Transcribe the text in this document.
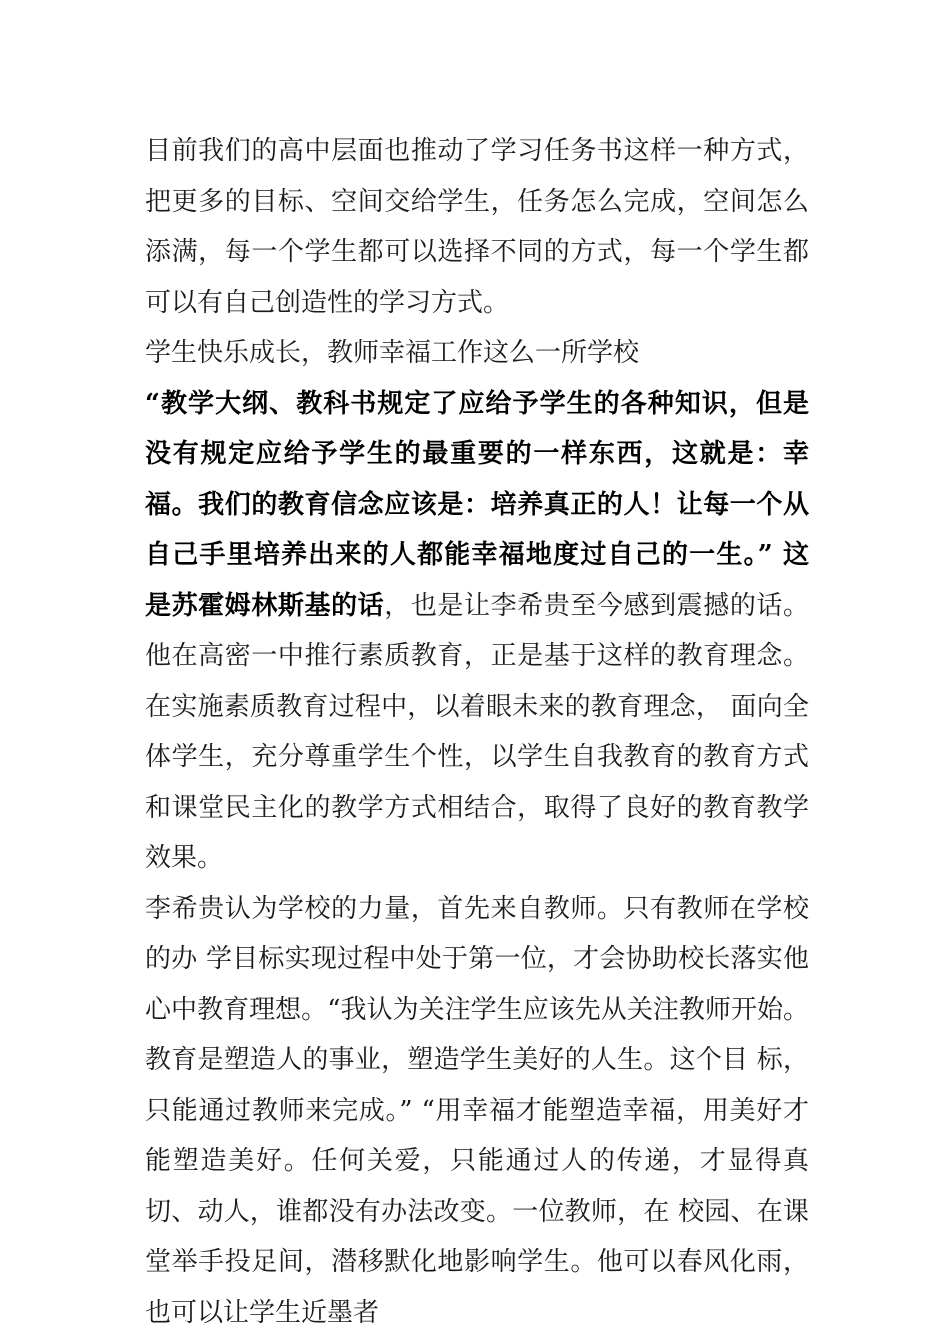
目前我们的高中层面也推动了学习任务书这样一种方式，把更多的目标、空间交给学生，任务怎么完成，空间怎么添满，每一个学生都可以选择不同的方式，每一个学生都可以有自己创造性的学习方式。

学生快乐成长，教师幸福工作这么一所学校

“教学大纲、教科书规定了应给予学生的各种知识，但是没有规定应给予学生的最重要的一样东西，这就是：幸福。我们的教育信念应该是：培养真正的人！让每一个从自己手里培养出来的人都能幸福地度过自己的一生。” 这 是苏霍姆林斯基的话，也是让李希贵至今感到震撼的话。他在高密一中推行素质教育，正是基于这样的教育理念。在实施素质教育过程中，以着眼未来的教育理念， 面向全体学生，充分尊重学生个性，以学生自我教育的教育方式和课堂民主化的教学方式相结合，取得了良好的教育教学效果。

李希贵认为学校的力量，首先来自教师。只有教师在学校的办 学目标实现过程中处于第一位，才会协助校长落实他心中教育理想。“我认为关注学生应该先从关注教师开始。教育是塑造人的事业，塑造学生美好的人生。这个目 标，只能通过教师来完成。” “用幸福才能塑造幸福，用美好才能塑造美好。任何关爱，只能通过人的传递，才显得真切、动人，谁都没有办法改变。一位教师，在 校园、在课堂举手投足间，潜移默化地影响学生。他可以春风化雨，也可以让学生近墨者
